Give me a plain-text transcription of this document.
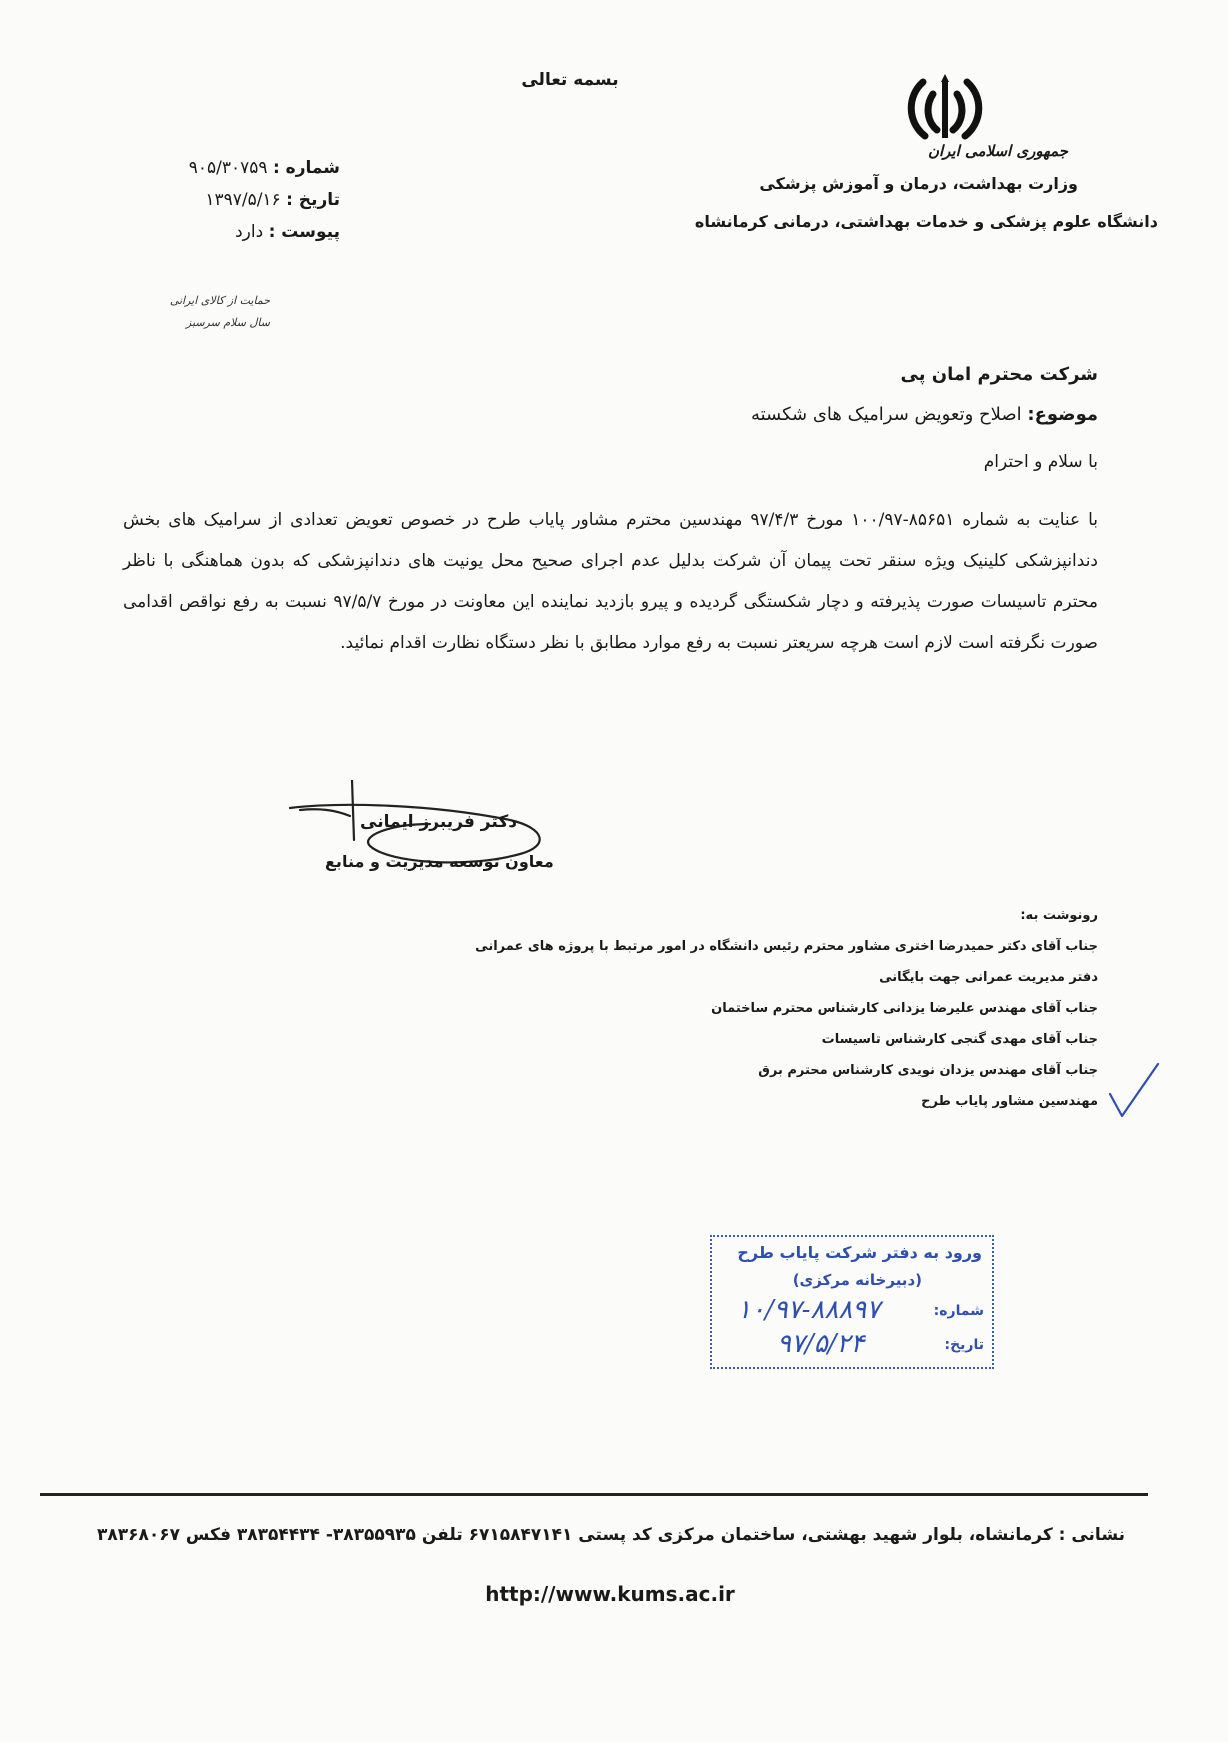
بسمه تعالی
جمهوری اسلامی ایران
وزارت بهداشت، درمان و آموزش پزشکی
دانشگاه علوم پزشکی و خدمات بهداشتی، درمانی کرمانشاه
شماره : ۹۰۵/۳۰۷۵۹
تاریخ : ۱۳۹۷/۵/۱۶
پیوست : دارد
حمایت از کالای ایرانی
سال سلام سرسبز
شرکت محترم امان پی
موضوع: اصلاح وتعویض سرامیک های شکسته
با سلام و احترام
با عنایت به شماره ۸۵۶۵۱-۱۰۰/۹۷ مورخ ۹۷/۴/۳ مهندسین محترم مشاور پایاب طرح در خصوص تعویض تعدادی از سرامیک های بخش دندانپزشکی کلینیک ویژه سنقر تحت پیمان آن شرکت بدلیل عدم اجرای صحیح محل یونیت های دندانپزشکی که بدون هماهنگی با ناظر محترم تاسیسات صورت پذیرفته و دچار شکستگی گردیده و پیرو بازدید نماینده این معاونت در مورخ ۹۷/۵/۷ نسبت به رفع نواقص اقدامی صورت نگرفته است لازم است هرچه سریعتر نسبت به رفع موارد مطابق با نظر دستگاه نظارت اقدام نمائید.
دکتر فریبرز ایمانی
معاون توسعه مدیریت و منابع
رونوشت به:
جناب آقای دکتر حمیدرضا اختری مشاور محترم رئیس دانشگاه در امور مرتبط با پروژه های عمرانی
دفتر مدیریت عمرانی جهت بایگانی
جناب آقای مهندس علیرضا یزدانی کارشناس محترم ساختمان
جناب آقای مهدی گنجی کارشناس تاسیسات
جناب آقای مهندس یزدان نویدی کارشناس محترم برق
مهندسین مشاور پایاب طرح
ورود به دفتر شرکت پایاب طرح
(دبیرخانه مرکزی)
شماره:
۱۰/۹۷-۸۸۸۹۷
تاریخ:
۹۷/۵/۲۴
نشانی : کرمانشاه، بلوار شهید بهشتی، ساختمان مرکزی کد پستی ۶۷۱۵۸۴۷۱۴۱ تلفن ۳۸۳۵۵۹۳۵- ۳۸۳۵۴۴۳۴ فکس ۳۸۳۶۸۰۶۷
http://www.kums.ac.ir
